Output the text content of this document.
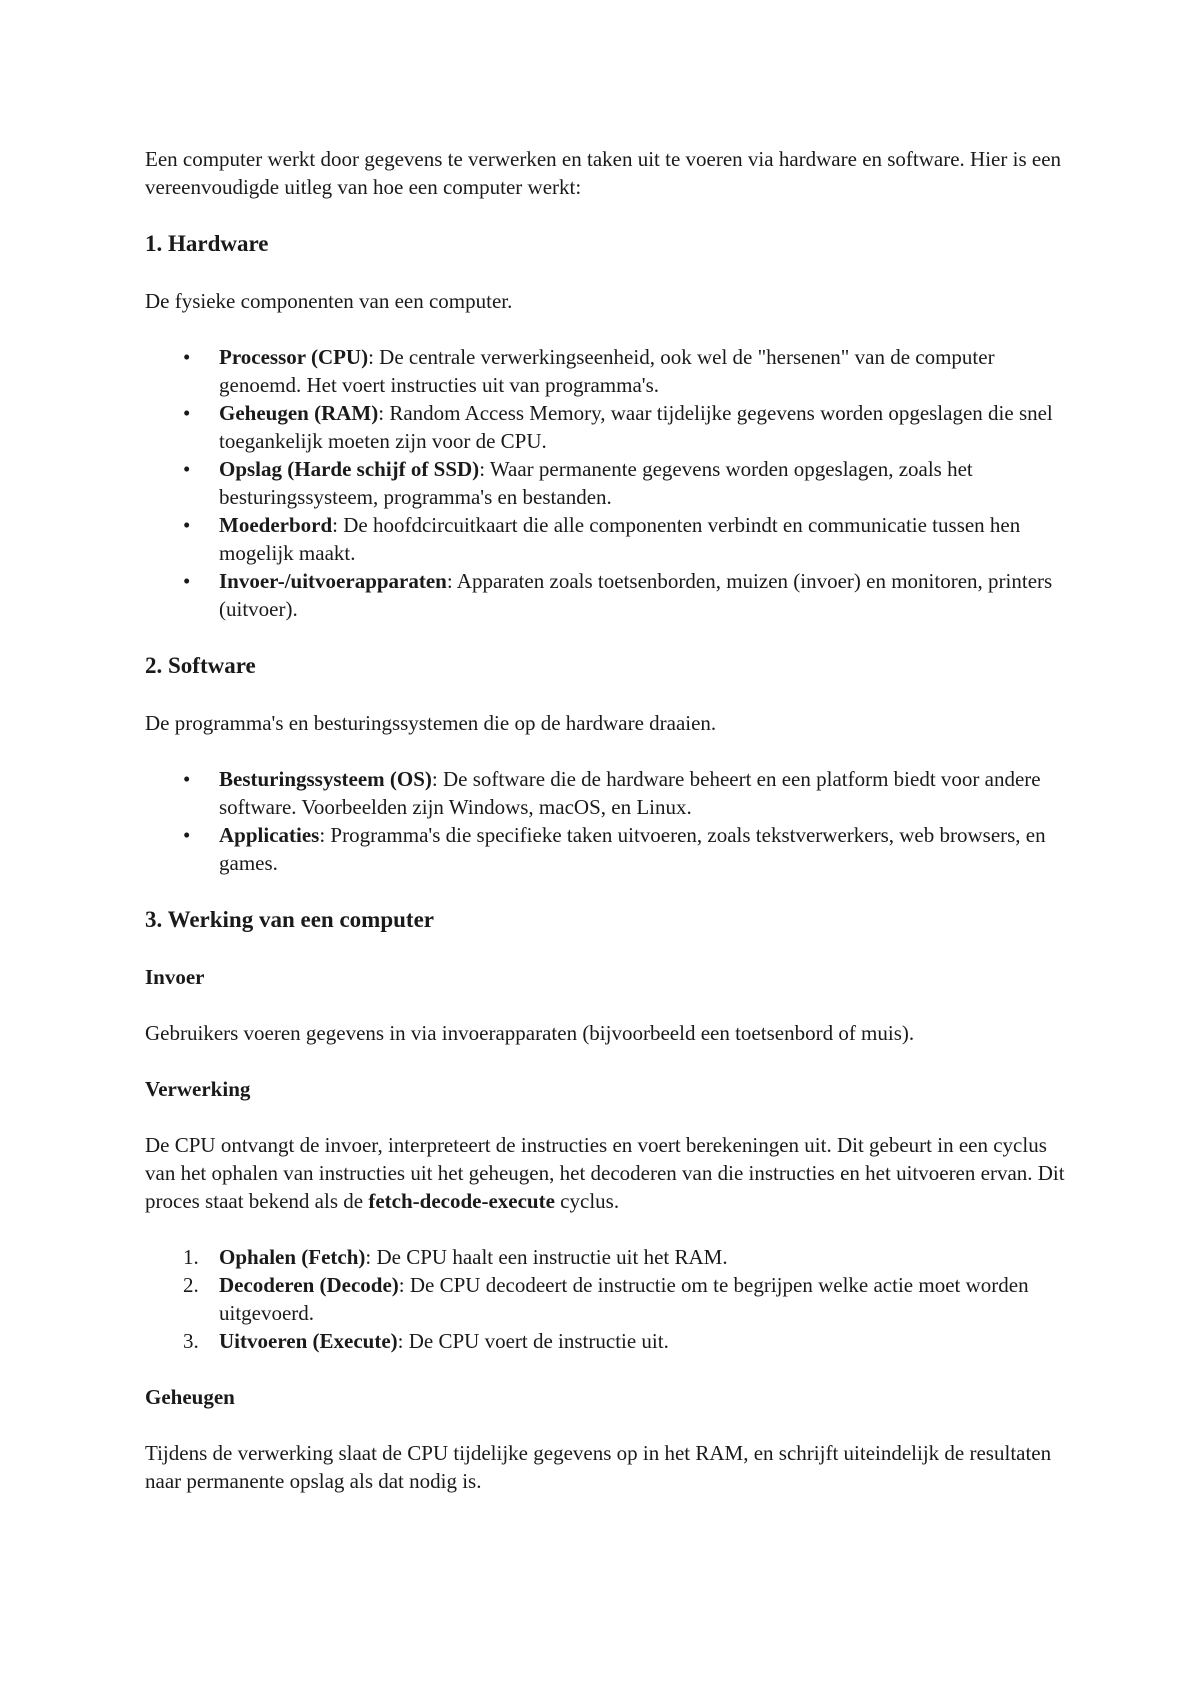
Een computer werkt door gegevens te verwerken en taken uit te voeren via hardware en software. Hier is een vereenvoudigde uitleg van hoe een computer werkt:

1. Hardware

De fysieke componenten van een computer.

• Processor (CPU): De centrale verwerkingseenheid, ook wel de "hersenen" van de computer genoemd. Het voert instructies uit van programma's.
• Geheugen (RAM): Random Access Memory, waar tijdelijke gegevens worden opgeslagen die snel toegankelijk moeten zijn voor de CPU.
• Opslag (Harde schijf of SSD): Waar permanente gegevens worden opgeslagen, zoals het besturingssysteem, programma's en bestanden.
• Moederbord: De hoofdcircuitkaart die alle componenten verbindt en communicatie tussen hen mogelijk maakt.
• Invoer-/uitvoerapparaten: Apparaten zoals toetsenborden, muizen (invoer) en monitoren, printers (uitvoer).
2. Software

De programma's en besturingssystemen die op de hardware draaien.

• Besturingssysteem (OS): De software die de hardware beheert en een platform biedt voor andere software. Voorbeelden zijn Windows, macOS, en Linux.
• Applicaties: Programma's die specifieke taken uitvoeren, zoals tekstverwerkers, web browsers, en games.
3. Werking van een computer
Invoer

Gebruikers voeren gegevens in via invoerapparaten (bijvoorbeeld een toetsenbord of muis).

Verwerking

De CPU ontvangt de invoer, interpreteert de instructies en voert berekeningen uit. Dit gebeurt in een cyclus van het ophalen van instructies uit het geheugen, het decoderen van die instructies en het uitvoeren ervan. Dit proces staat bekend als de fetch-decode-execute cyclus.

Ophalen (Fetch): De CPU haalt een instructie uit het RAM.
Decoderen (Decode): De CPU decodeert de instructie om te begrijpen welke actie moet worden uitgevoerd.
Uitvoeren (Execute): De CPU voert de instructie uit.
Geheugen

Tijdens de verwerking slaat de CPU tijdelijke gegevens op in het RAM, en schrijft uiteindelijk de resultaten naar permanente opslag als dat nodig is.
